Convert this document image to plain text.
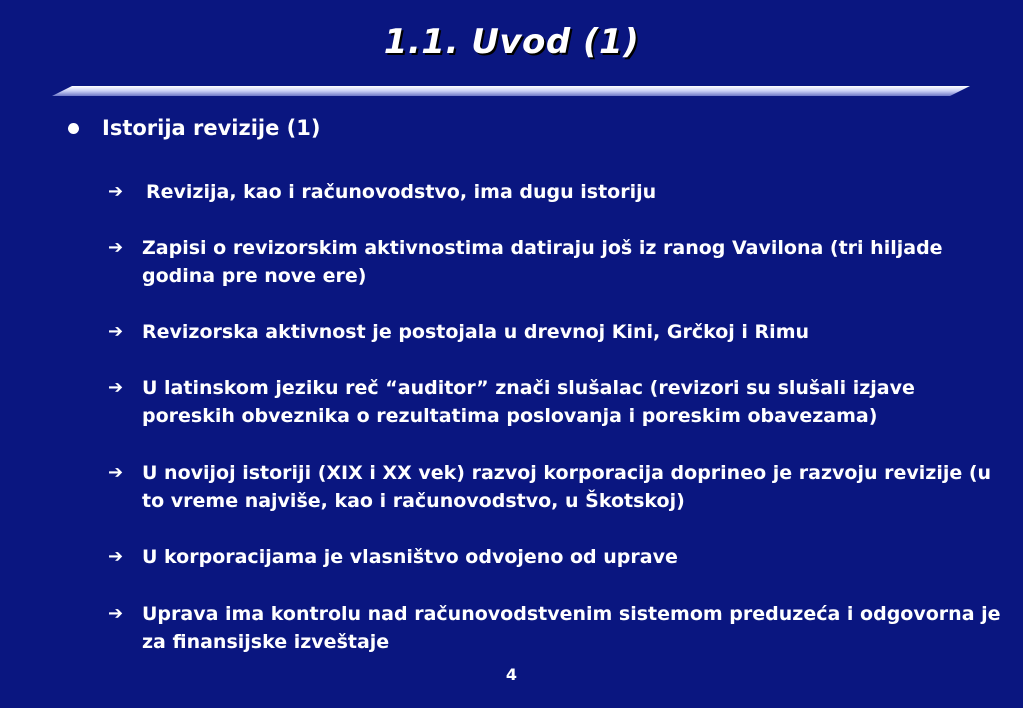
1.1. Uvod (1)
Istorija revizije (1)
➔	Revizija, kao i računovodstvo, ima dugu istoriju
➔ Zapisi o revizorskim aktivnostima datiraju još iz ranog Vavilona (tri hiljade godina pre nove ere)
➔ Revizorska aktivnost je postojala u drevnoj Kini, Grčkoj i Rimu
➔ U latinskom jeziku reč “auditor” znači slušalac (revizori su slušali izjave poreskih obveznika o rezultatima poslovanja i poreskim obavezama)
➔ U novijoj istoriji (XIX i XX vek) razvoj korporacija doprineo je razvoju revizije (u to vreme najviše, kao i računovodstvo, u Škotskoj)
➔ U korporacijama je vlasništvo odvojeno od uprave
➔ Uprava ima kontrolu nad računovodstvenim sistemom preduzeća i odgovorna je za finansijske izveštaje
4
